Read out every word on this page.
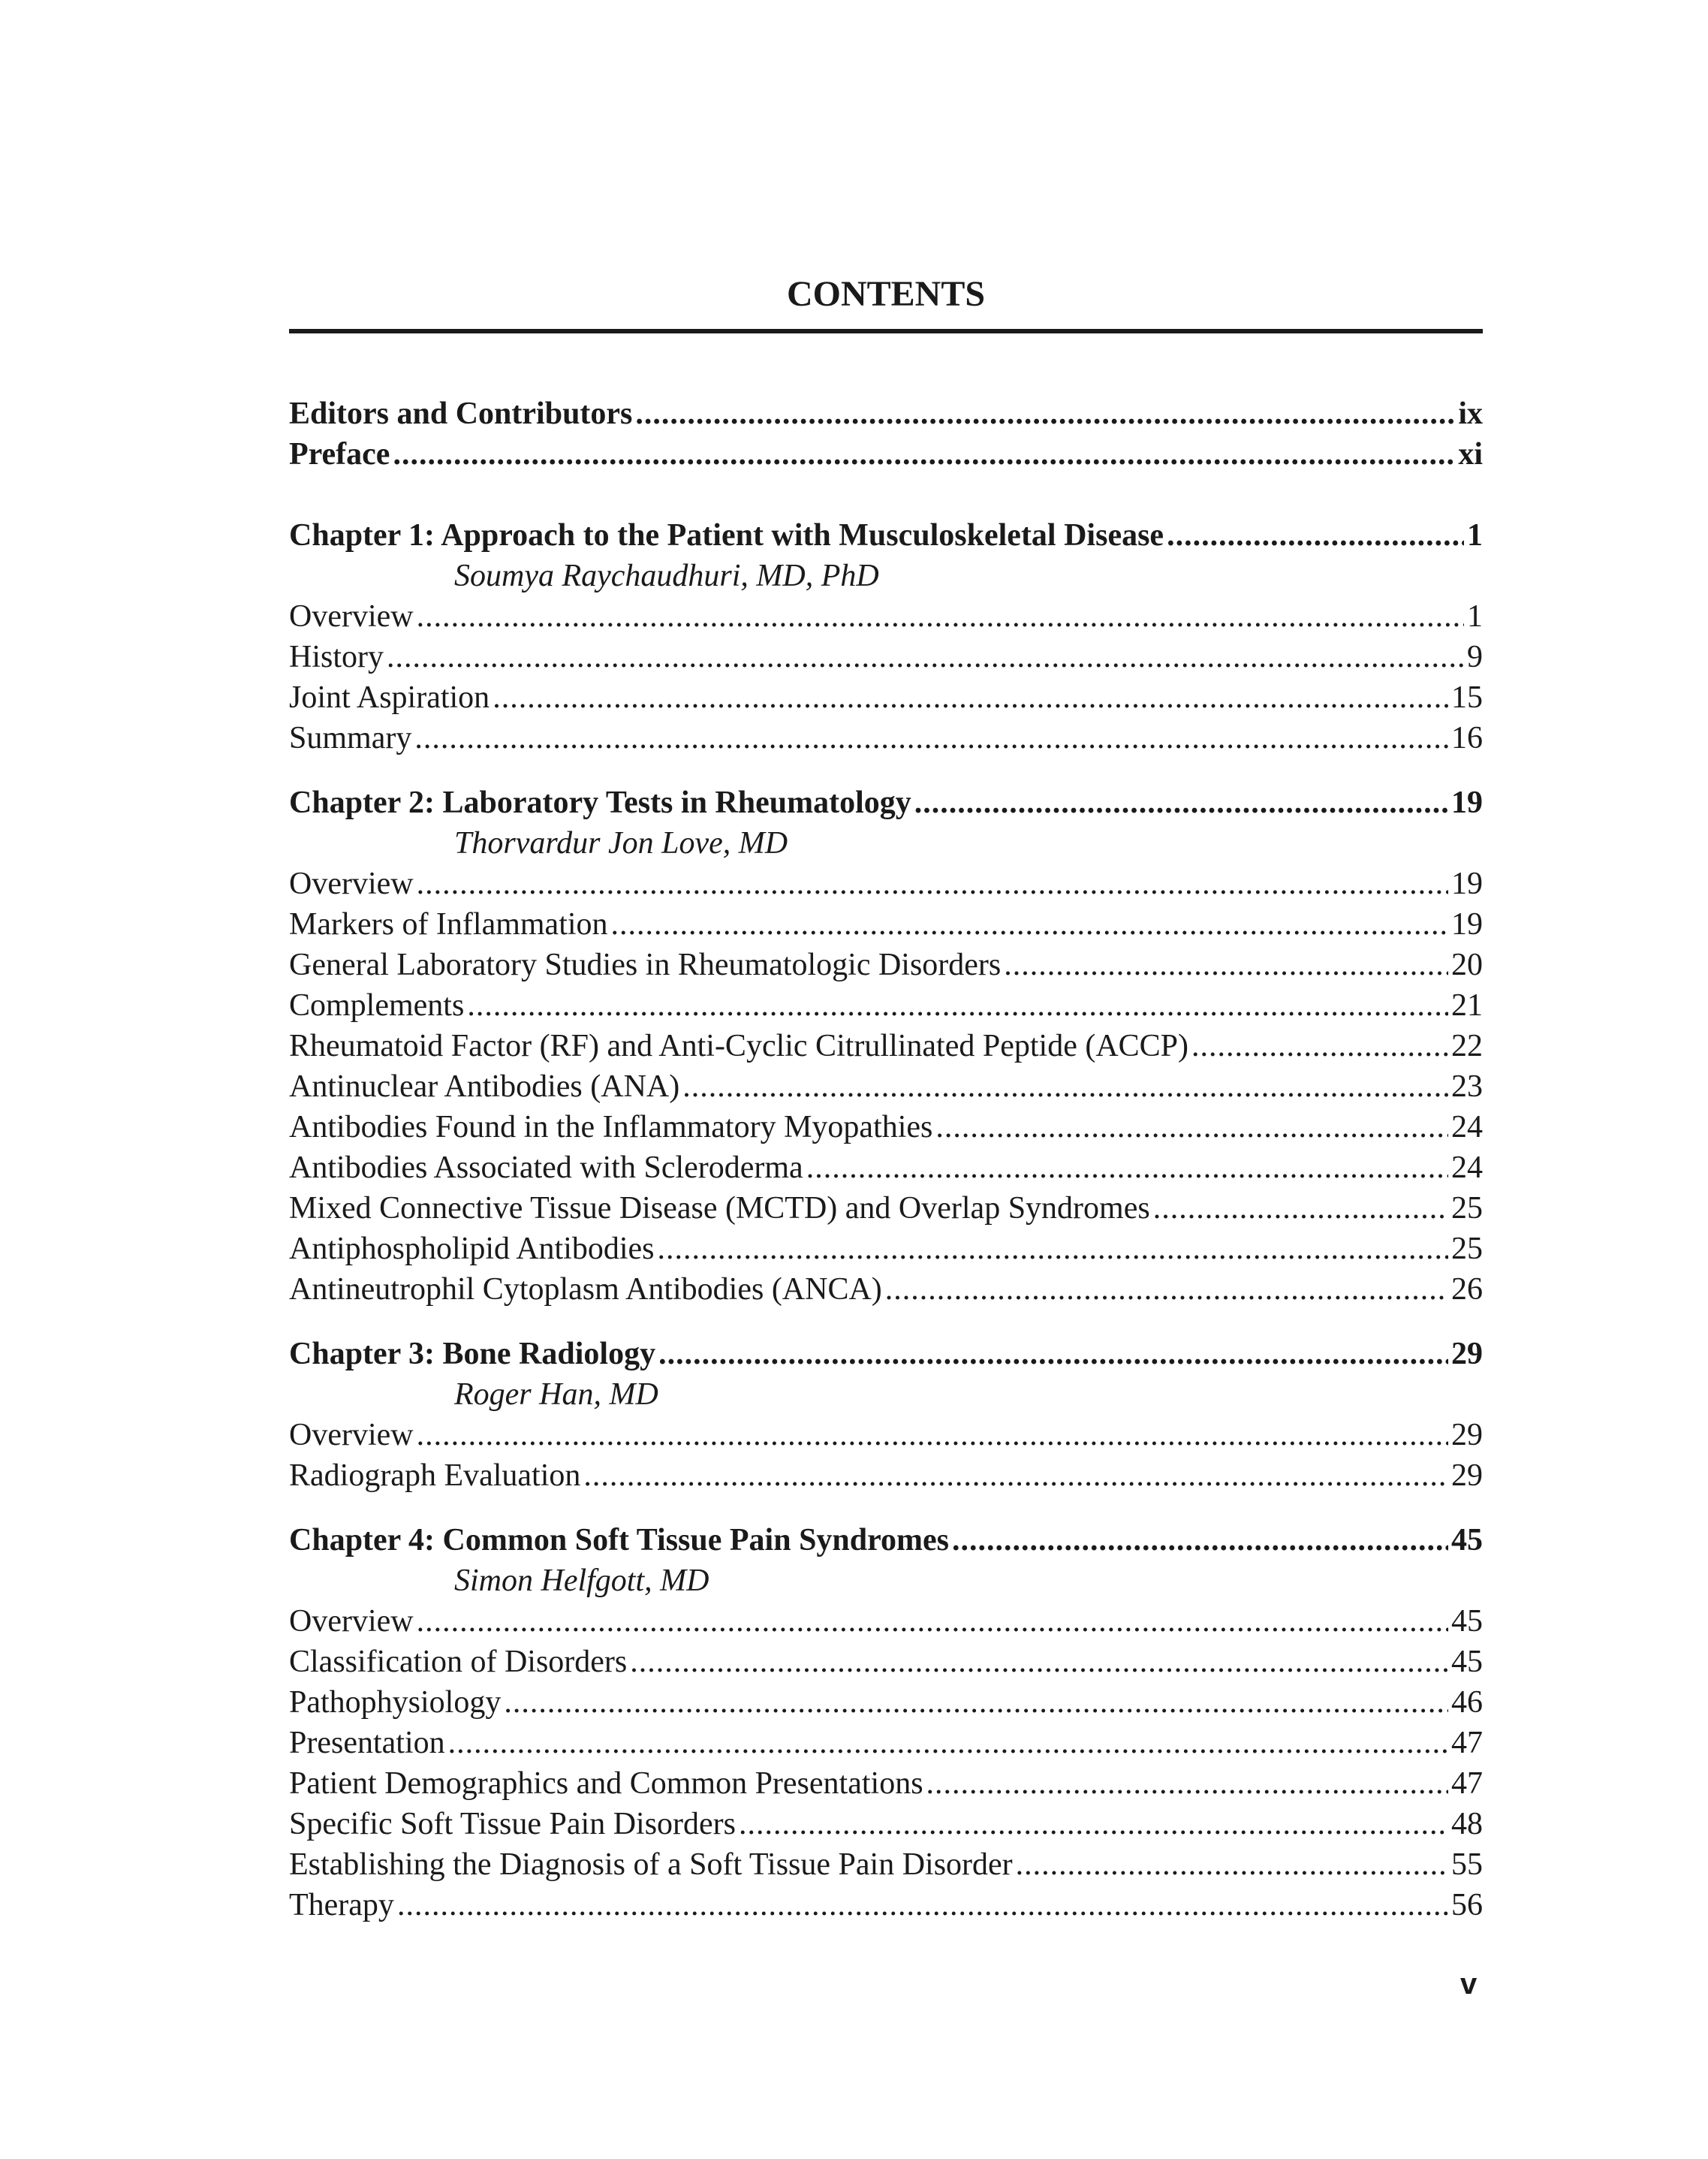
CONTENTS
Editors and Contributors .....	ix
Preface .....	xi
Chapter 1: Approach to the Patient with Musculoskeletal Disease .....	1
Soumya Raychaudhuri, MD, PhD
Overview .....	1
History .....	9
Joint Aspiration .....	15
Summary .....	16
Chapter 2: Laboratory Tests in Rheumatology .....	19
Thorvardur Jon Love, MD
Overview .....	19
Markers of Inflammation .....	19
General Laboratory Studies in Rheumatologic Disorders .....	20
Complements .....	21
Rheumatoid Factor (RF) and Anti-Cyclic Citrullinated Peptide (ACCP) .....	22
Antinuclear Antibodies (ANA) .....	23
Antibodies Found in the Inflammatory Myopathies .....	24
Antibodies Associated with Scleroderma .....	24
Mixed Connective Tissue Disease (MCTD) and Overlap Syndromes .....	25
Antiphospholipid Antibodies .....	25
Antineutrophil Cytoplasm Antibodies (ANCA) .....	26
Chapter 3: Bone Radiology .....	29
Roger Han, MD
Overview .....	29
Radiograph Evaluation .....	29
Chapter 4: Common Soft Tissue Pain Syndromes .....	45
Simon Helfgott, MD
Overview .....	45
Classification of Disorders .....	45
Pathophysiology .....	46
Presentation .....	47
Patient Demographics and Common Presentations .....	47
Specific Soft Tissue Pain Disorders .....	48
Establishing the Diagnosis of a Soft Tissue Pain Disorder .....	55
Therapy .....	56
v
